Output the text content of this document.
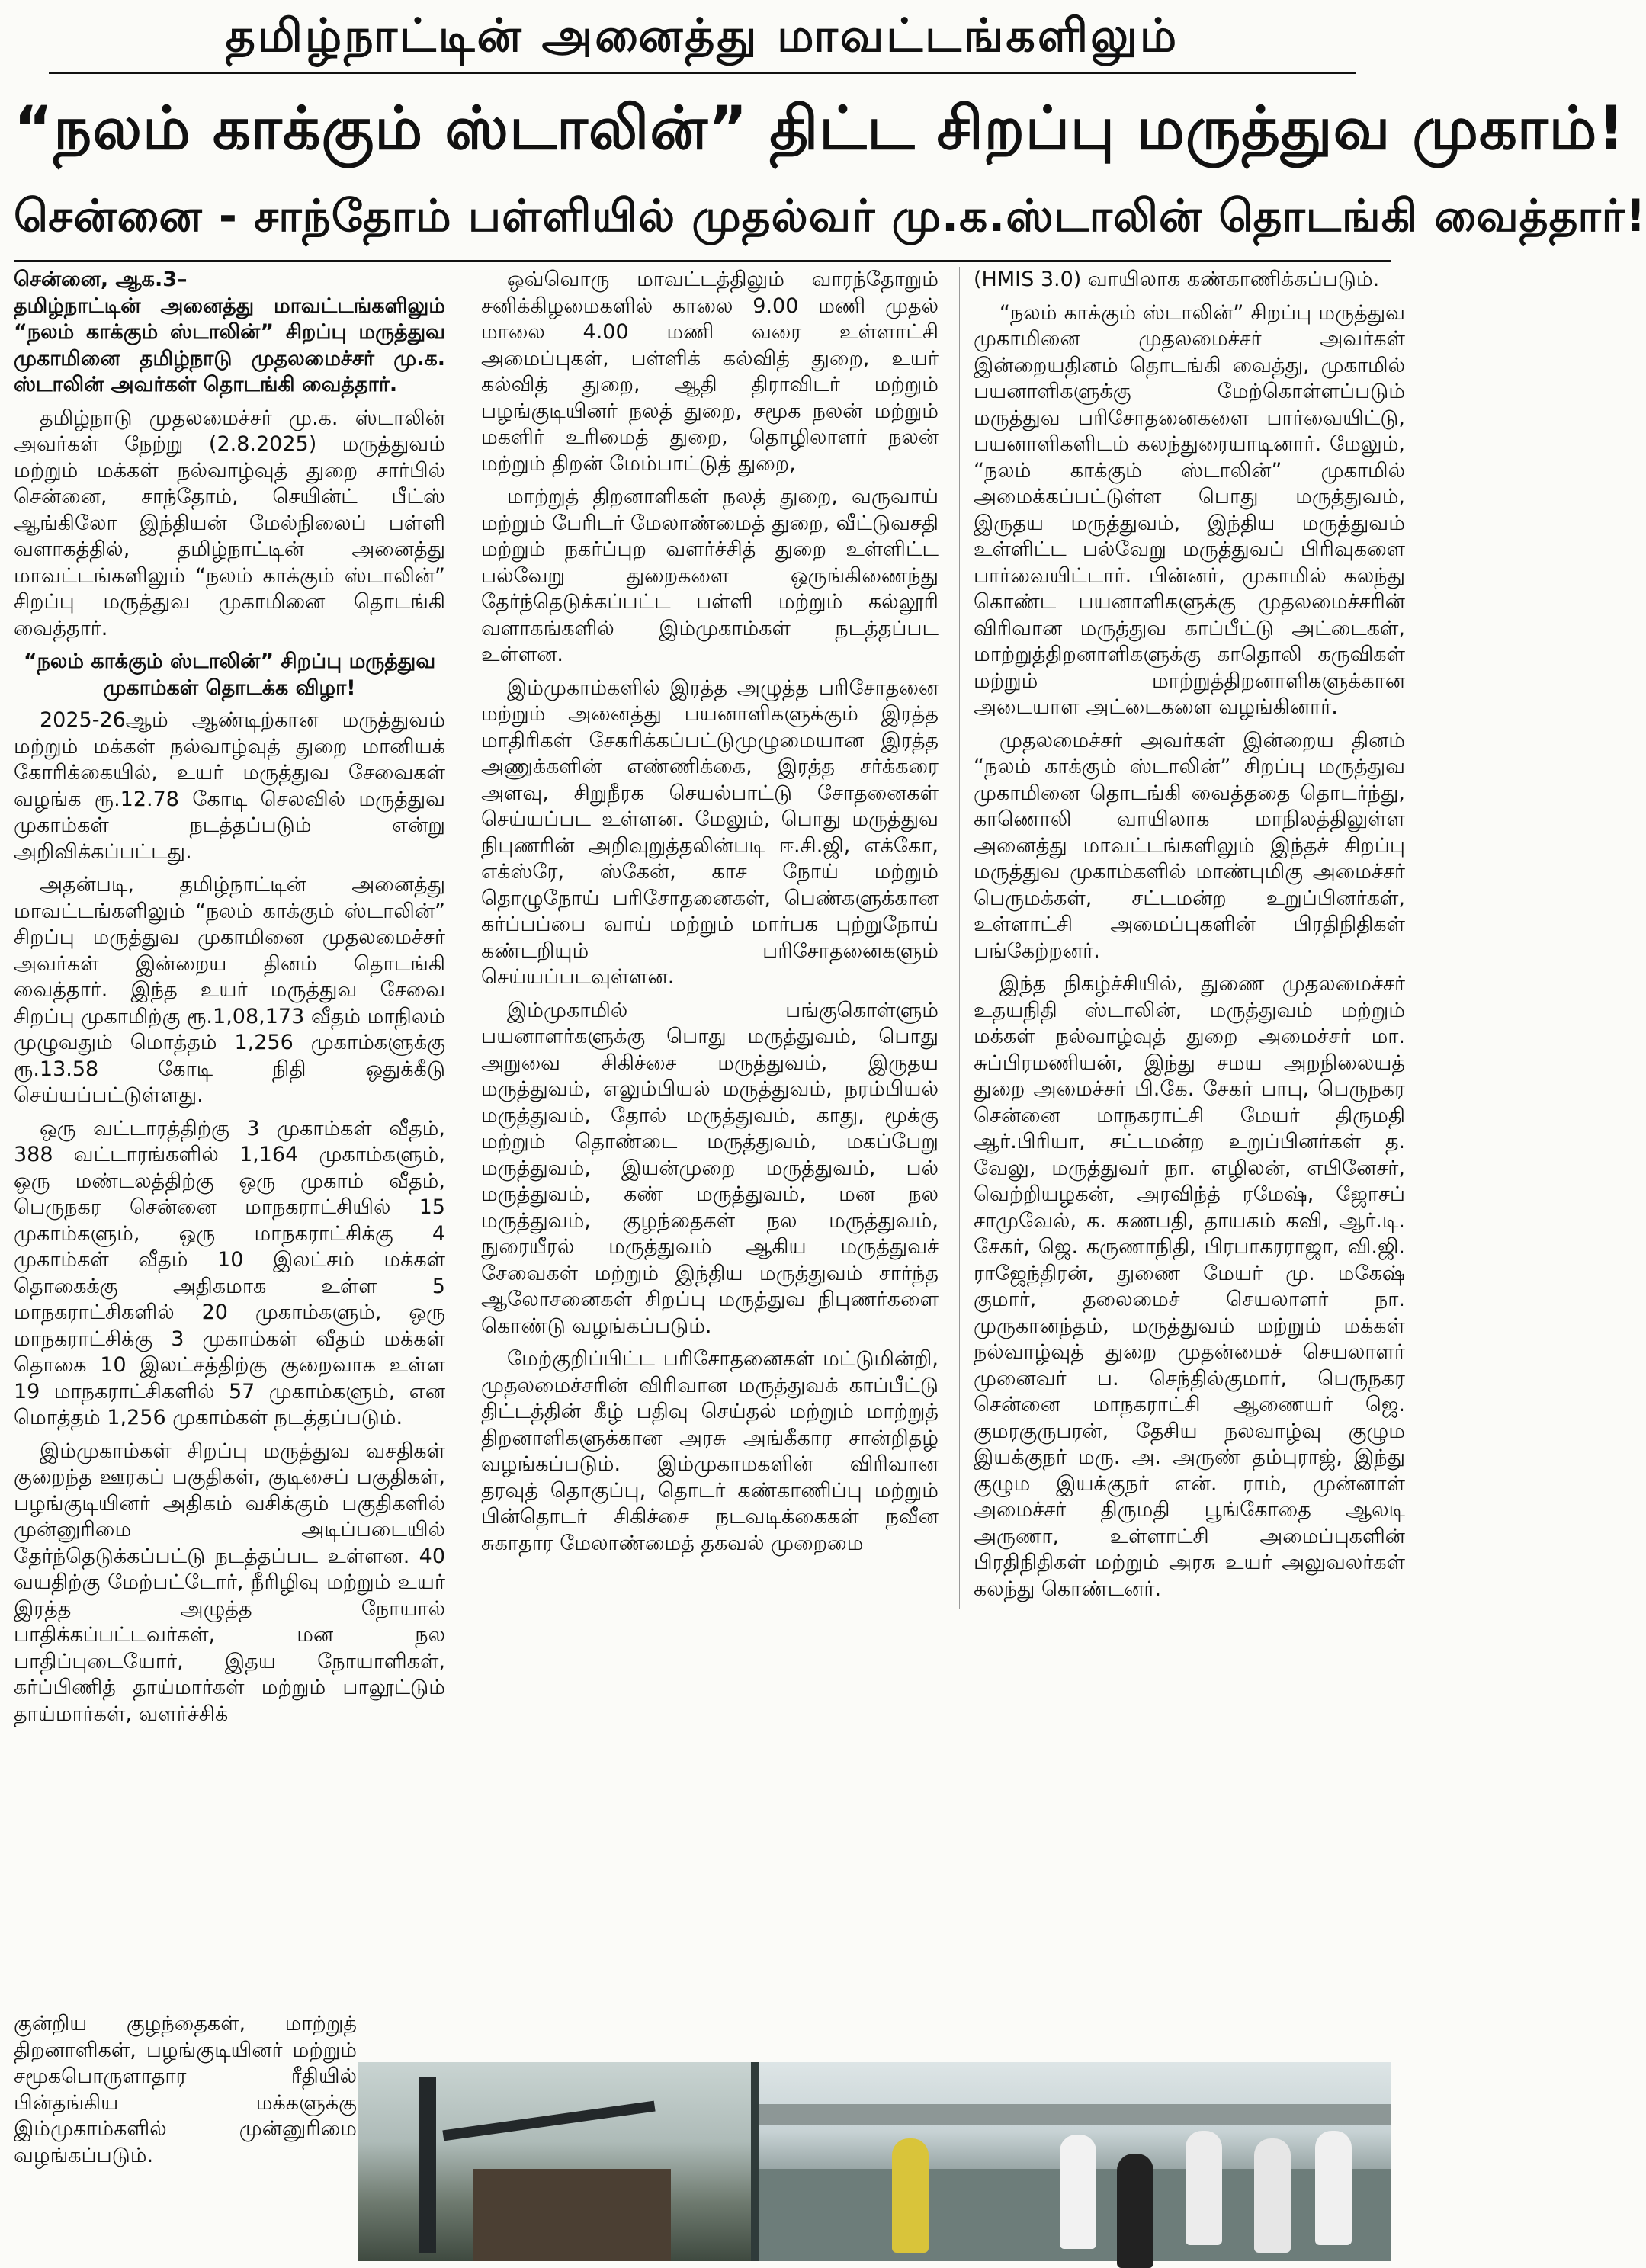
தமிழ்நாட்டின் அனைத்து மாவட்டங்களிலும்
“நலம் காக்கும் ஸ்டாலின்” திட்ட சிறப்பு மருத்துவ முகாம்!
சென்னை - சாந்தோம் பள்ளியில் முதல்வர் மு.க.ஸ்டாலின் தொடங்கி வைத்தார்!

சென்னை, ஆக.3–
தமிழ்நாட்டின் அனைத்து மாவட்டங்களிலும் “நலம் காக்கும் ஸ்டாலின்” சிறப்பு மருத்துவ முகாமினை தமிழ்நாடு முதலமைச்சர் மு.க. ஸ்டாலின் அவர்கள் தொடங்கி வைத்தார்.

தமிழ்நாடு முதலமைச்சர் மு.க. ஸ்டாலின் அவர்கள் நேற்று (2.8.2025) மருத்துவம் மற்றும் மக்கள் நல்வாழ்வுத் துறை சார்பில் சென்னை, சாந்தோம், செயின்ட் பீட்ஸ் ஆங்கிலோ இந்தியன் மேல்நிலைப் பள்ளி வளாகத்தில், தமிழ்நாட்டின் அனைத்து மாவட்டங்களிலும் “நலம் காக்கும் ஸ்டாலின்” சிறப்பு மருத்துவ முகாமினை தொடங்கி வைத்தார்.

“நலம் காக்கும் ஸ்டாலின்” சிறப்பு மருத்துவ முகாம்கள் தொடக்க விழா!

2025-26ஆம் ஆண்டிற்கான மருத்துவம் மற்றும் மக்கள் நல்வாழ்வுத் துறை மானியக் கோரிக்கையில், உயர் மருத்துவ சேவைகள் வழங்க ரூ.12.78 கோடி செலவில் மருத்துவ முகாம்கள் நடத்தப்படும் என்று அறிவிக்கப்பட்டது.

அதன்படி, தமிழ்நாட்டின் அனைத்து மாவட்டங்களிலும் “நலம் காக்கும் ஸ்டாலின்” சிறப்பு மருத்துவ முகாமினை முதலமைச்சர் அவர்கள் இன்றைய தினம் தொடங்கி வைத்தார். இந்த உயர் மருத்துவ சேவை சிறப்பு முகாமிற்கு ரூ.1,08,173 வீதம் மாநிலம் முழுவதும் மொத்தம் 1,256 முகாம்களுக்கு ரூ.13.58 கோடி நிதி ஒதுக்கீடு செய்யப்பட்டுள்ளது.

ஒரு வட்டாரத்திற்கு 3 முகாம்கள் வீதம், 388 வட்டாரங்களில் 1,164 முகாம்களும், ஒரு மண்டலத்திற்கு ஒரு முகாம் வீதம், பெருநகர சென்னை மாநகராட்சியில் 15 முகாம்களும், ஒரு மாநகராட்சிக்கு 4 முகாம்கள் வீதம் 10 இலட்சம் மக்கள் தொகைக்கு அதிகமாக உள்ள 5 மாநகராட்சிகளில் 20 முகாம்களும், ஒரு மாநகராட்சிக்கு 3 முகாம்கள் வீதம் மக்கள் தொகை 10 இலட்சத்திற்கு குறைவாக உள்ள 19 மாநகராட்சிகளில் 57 முகாம்களும், என மொத்தம் 1,256 முகாம்கள் நடத்தப்படும்.

இம்முகாம்கள் சிறப்பு மருத்துவ வசதிகள் குறைந்த ஊரகப் பகுதிகள், குடிசைப் பகுதிகள், பழங்குடியினர் அதிகம் வசிக்கும் பகுதிகளில் முன்னுரிமை அடிப்படையில் தேர்ந்தெடுக்கப்பட்டு நடத்தப்பட உள்ளன. 40 வயதிற்கு மேற்பட்டோர், நீரிழிவு மற்றும் உயர் இரத்த அழுத்த நோயால் பாதிக்கப்பட்டவர்கள், மன நல பாதிப்புடையோர், இதய நோயாளிகள், கர்ப்பிணித் தாய்மார்கள் மற்றும் பாலூட்டும் தாய்மார்கள், வளர்ச்சிக்

குன்றிய குழந்தைகள், மாற்றுத் திறனாளிகள், பழங்குடியினர் மற்றும் சமூகபொருளாதார ரீதியில் பின்தங்கிய மக்களுக்கு இம்முகாம்களில் முன்னுரிமை வழங்கப்படும்.

ஒவ்வொரு மாவட்டத்திலும் வாரந்தோறும் சனிக்கிழமைகளில் காலை 9.00 மணி முதல் மாலை 4.00 மணி வரை உள்ளாட்சி அமைப்புகள், பள்ளிக் கல்வித் துறை, உயர் கல்வித் துறை, ஆதி திராவிடர் மற்றும் பழங்குடியினர் நலத் துறை, சமூக நலன் மற்றும் மகளிர் உரிமைத் துறை, தொழிலாளர் நலன் மற்றும் திறன் மேம்பாட்டுத் துறை,

மாற்றுத் திறனாளிகள் நலத் துறை, வருவாய் மற்றும் பேரிடர் மேலாண்மைத் துறை, வீட்டுவசதி மற்றும் நகர்ப்புற வளர்ச்சித் துறை உள்ளிட்ட பல்வேறு துறைகளை ஒருங்கிணைந்து தேர்ந்தெடுக்கப்பட்ட பள்ளி மற்றும் கல்லூரி வளாகங்களில் இம்முகாம்கள் நடத்தப்பட உள்ளன.

இம்முகாம்களில் இரத்த அழுத்த பரிசோதனை மற்றும் அனைத்து பயனாளிகளுக்கும் இரத்த மாதிரிகள் சேகரிக்கப்பட்டுமுழுமையான இரத்த அணுக்களின் எண்ணிக்கை, இரத்த சர்க்கரை அளவு, சிறுநீரக செயல்பாட்டு சோதனைகள் செய்யப்பட உள்ளன. மேலும், பொது மருத்துவ நிபுணரின் அறிவுறுத்தலின்படி ஈ.சி.ஜி, எக்கோ, எக்ஸ்ரே, ஸ்கேன், காச நோய் மற்றும் தொழுநோய் பரிசோதனைகள், பெண்களுக்கான கர்ப்பப்பை வாய் மற்றும் மார்பக புற்றுநோய் கண்டறியும் பரிசோதனைகளும் செய்யப்படவுள்ளன.

இம்முகாமில் பங்குகொள்ளும் பயனாளர்களுக்கு பொது மருத்துவம், பொது அறுவை சிகிச்சை மருத்துவம், இருதய மருத்துவம், எலும்பியல் மருத்துவம், நரம்பியல் மருத்துவம், தோல் மருத்துவம், காது, மூக்கு மற்றும் தொண்டை மருத்துவம், மகப்பேறு மருத்துவம், இயன்முறை மருத்துவம், பல் மருத்துவம், கண் மருத்துவம், மன நல மருத்துவம், குழந்தைகள் நல மருத்துவம், நுரையீரல் மருத்துவம் ஆகிய மருத்துவச் சேவைகள் மற்றும் இந்திய மருத்துவம் சார்ந்த ஆலோசனைகள் சிறப்பு மருத்துவ நிபுணர்களை கொண்டு வழங்கப்படும்.

மேற்குறிப்பிட்ட பரிசோதனைகள் மட்டுமின்றி, முதலமைச்சரின் விரிவான மருத்துவக் காப்பீட்டு திட்டத்தின் கீழ் பதிவு செய்தல் மற்றும் மாற்றுத் திறனாளிகளுக்கான அரசு அங்கீகார சான்றிதழ் வழங்கப்படும். இம்முகாமகளின் விரிவான தரவுத் தொகுப்பு, தொடர் கண்காணிப்பு மற்றும் பின்தொடர் சிகிச்சை நடவடிக்கைகள் நவீன சுகாதார மேலாண்மைத் தகவல் முறைமை

(HMIS 3.0) வாயிலாக கண்காணிக்கப்படும்.

“நலம் காக்கும் ஸ்டாலின்” சிறப்பு மருத்துவ முகாமினை முதலமைச்சர் அவர்கள் இன்றையதினம் தொடங்கி வைத்து, முகாமில் பயனாளிகளுக்கு மேற்கொள்ளப்படும் மருத்துவ பரிசோதனைகளை பார்வையிட்டு, பயனாளிகளிடம் கலந்துரையாடினார். மேலும், “நலம் காக்கும் ஸ்டாலின்” முகாமில் அமைக்கப்பட்டுள்ள பொது மருத்துவம், இருதய மருத்துவம், இந்திய மருத்துவம் உள்ளிட்ட பல்வேறு மருத்துவப் பிரிவுகளை பார்வையிட்டார். பின்னர், முகாமில் கலந்து கொண்ட பயனாளிகளுக்கு முதலமைச்சரின் விரிவான மருத்துவ காப்பீட்டு அட்டைகள், மாற்றுத்திறனாளிகளுக்கு காதொலி கருவிகள் மற்றும் மாற்றுத்திறனாளிகளுக்கான அடையாள அட்டைகளை வழங்கினார்.

முதலமைச்சர் அவர்கள் இன்றைய தினம் “நலம் காக்கும் ஸ்டாலின்” சிறப்பு மருத்துவ முகாமினை தொடங்கி வைத்ததை தொடர்ந்து, காணொலி வாயிலாக மாநிலத்திலுள்ள அனைத்து மாவட்டங்களிலும் இந்தச் சிறப்பு மருத்துவ முகாம்களில் மாண்புமிகு அமைச்சர் பெருமக்கள், சட்டமன்ற உறுப்பினர்கள், உள்ளாட்சி அமைப்புகளின் பிரதிநிதிகள் பங்கேற்றனர்.

இந்த நிகழ்ச்சியில், துணை முதலமைச்சர் உதயநிதி ஸ்டாலின், மருத்துவம் மற்றும் மக்கள் நல்வாழ்வுத் துறை அமைச்சர் மா. சுப்பிரமணியன், இந்து சமய அறநிலையத் துறை அமைச்சர் பி.கே. சேகர் பாபு, பெருநகர சென்னை மாநகராட்சி மேயர் திருமதி ஆர்.பிரியா, சட்டமன்ற உறுப்பினர்கள் த. வேலு, மருத்துவர் நா. எழிலன், எபினேசர், வெற்றியழகன், அரவிந்த் ரமேஷ், ஜோசப் சாமுவேல், க. கணபதி, தாயகம் கவி, ஆர்.டி. சேகர், ஜெ. கருணாநிதி, பிரபாகரராஜா, வி.ஜி. ராஜேந்திரன், துணை மேயர் மு. மகேஷ் குமார், தலைமைச் செயலாளர் நா. முருகானந்தம், மருத்துவம் மற்றும் மக்கள் நல்வாழ்வுத் துறை முதன்மைச் செயலாளர் முனைவர் ப. செந்தில்குமார், பெருநகர சென்னை மாநகராட்சி ஆணையர் ஜெ. குமரகுருபரன், தேசிய நலவாழ்வு குழும இயக்குநர் மரு. அ. அருண் தம்புராஜ், இந்து குழும இயக்குநர் என். ராம், முன்னாள் அமைச்சர் திருமதி பூங்கோதை ஆலடி அருணா, உள்ளாட்சி அமைப்புகளின் பிரதிநிதிகள் மற்றும் அரசு உயர் அலுவலர்கள் கலந்து கொண்டனர்.
